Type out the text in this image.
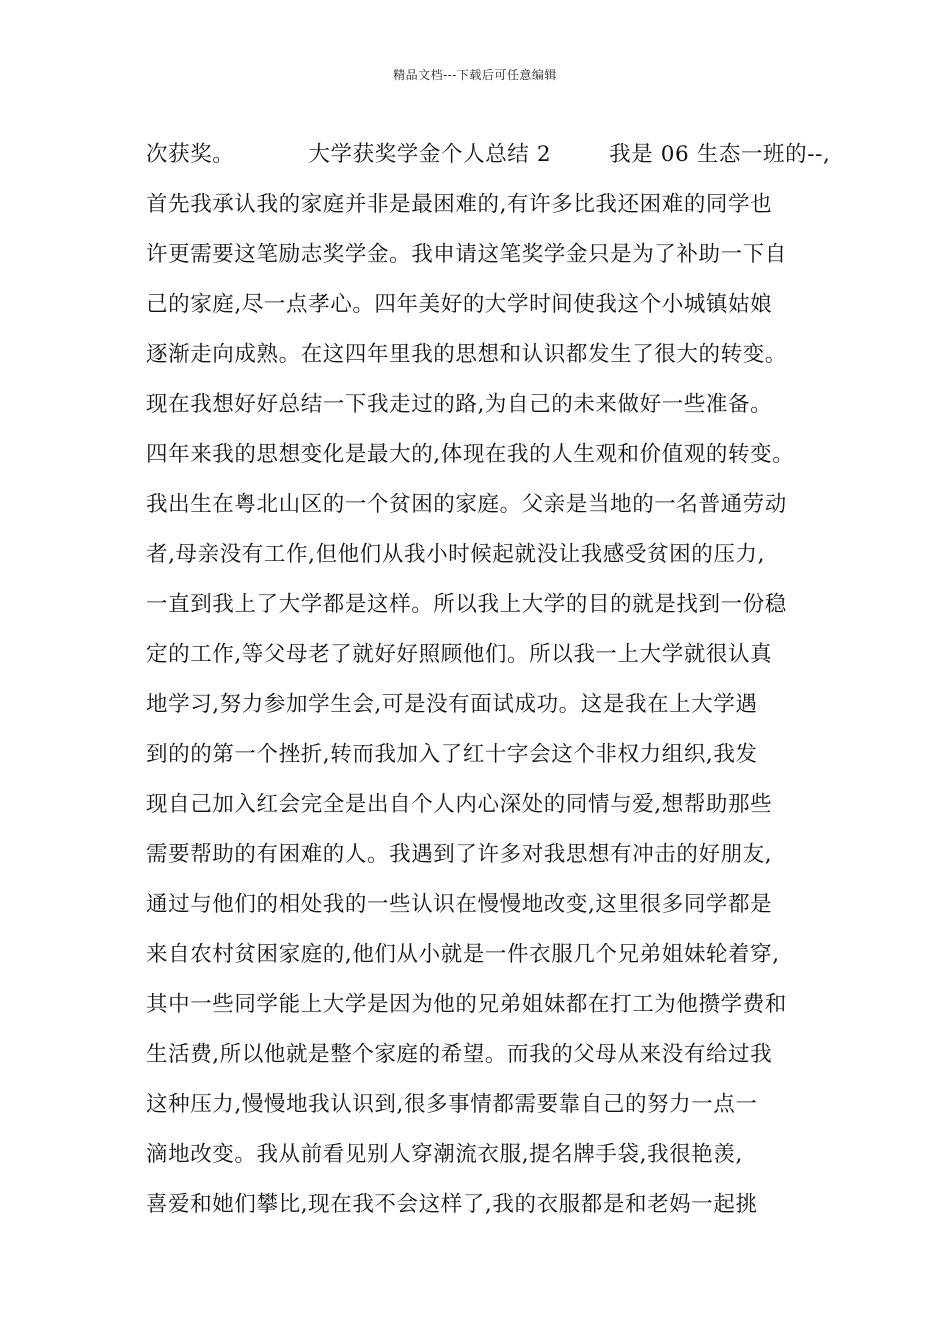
精品文档---下载后可任意编辑
次获奖。	大学获奖学金个人总结 2	我是 06 生态一班的--,
首先我承认我的家庭并非是最困难的,有许多比我还困难的同学也
许更需要这笔励志奖学金。我申请这笔奖学金只是为了补助一下自
己的家庭,尽一点孝心。四年美好的大学时间使我这个小城镇姑娘
逐渐走向成熟。在这四年里我的思想和认识都发生了很大的转变。
现在我想好好总结一下我走过的路,为自己的未来做好一些准备。
四年来我的思想变化是最大的,体现在我的人生观和价值观的转变。
我出生在粤北山区的一个贫困的家庭。父亲是当地的一名普通劳动
者,母亲没有工作,但他们从我小时候起就没让我感受贫困的压力,
一直到我上了大学都是这样。所以我上大学的目的就是找到一份稳
定的工作,等父母老了就好好照顾他们。所以我一上大学就很认真
地学习,努力参加学生会,可是没有面试成功。这是我在上大学遇
到的的第一个挫折,转而我加入了红十字会这个非权力组织,我发
现自己加入红会完全是出自个人内心深处的同情与爱,想帮助那些
需要帮助的有困难的人。我遇到了许多对我思想有冲击的好朋友,
通过与他们的相处我的一些认识在慢慢地改变,这里很多同学都是
来自农村贫困家庭的,他们从小就是一件衣服几个兄弟姐妹轮着穿,
其中一些同学能上大学是因为他的兄弟姐妹都在打工为他攒学费和
生活费,所以他就是整个家庭的希望。而我的父母从来没有给过我
这种压力,慢慢地我认识到,很多事情都需要靠自己的努力一点一
滴地改变。我从前看见别人穿潮流衣服,提名牌手袋,我很艳羡,
喜爱和她们攀比,现在我不会这样了,我的衣服都是和老妈一起挑
